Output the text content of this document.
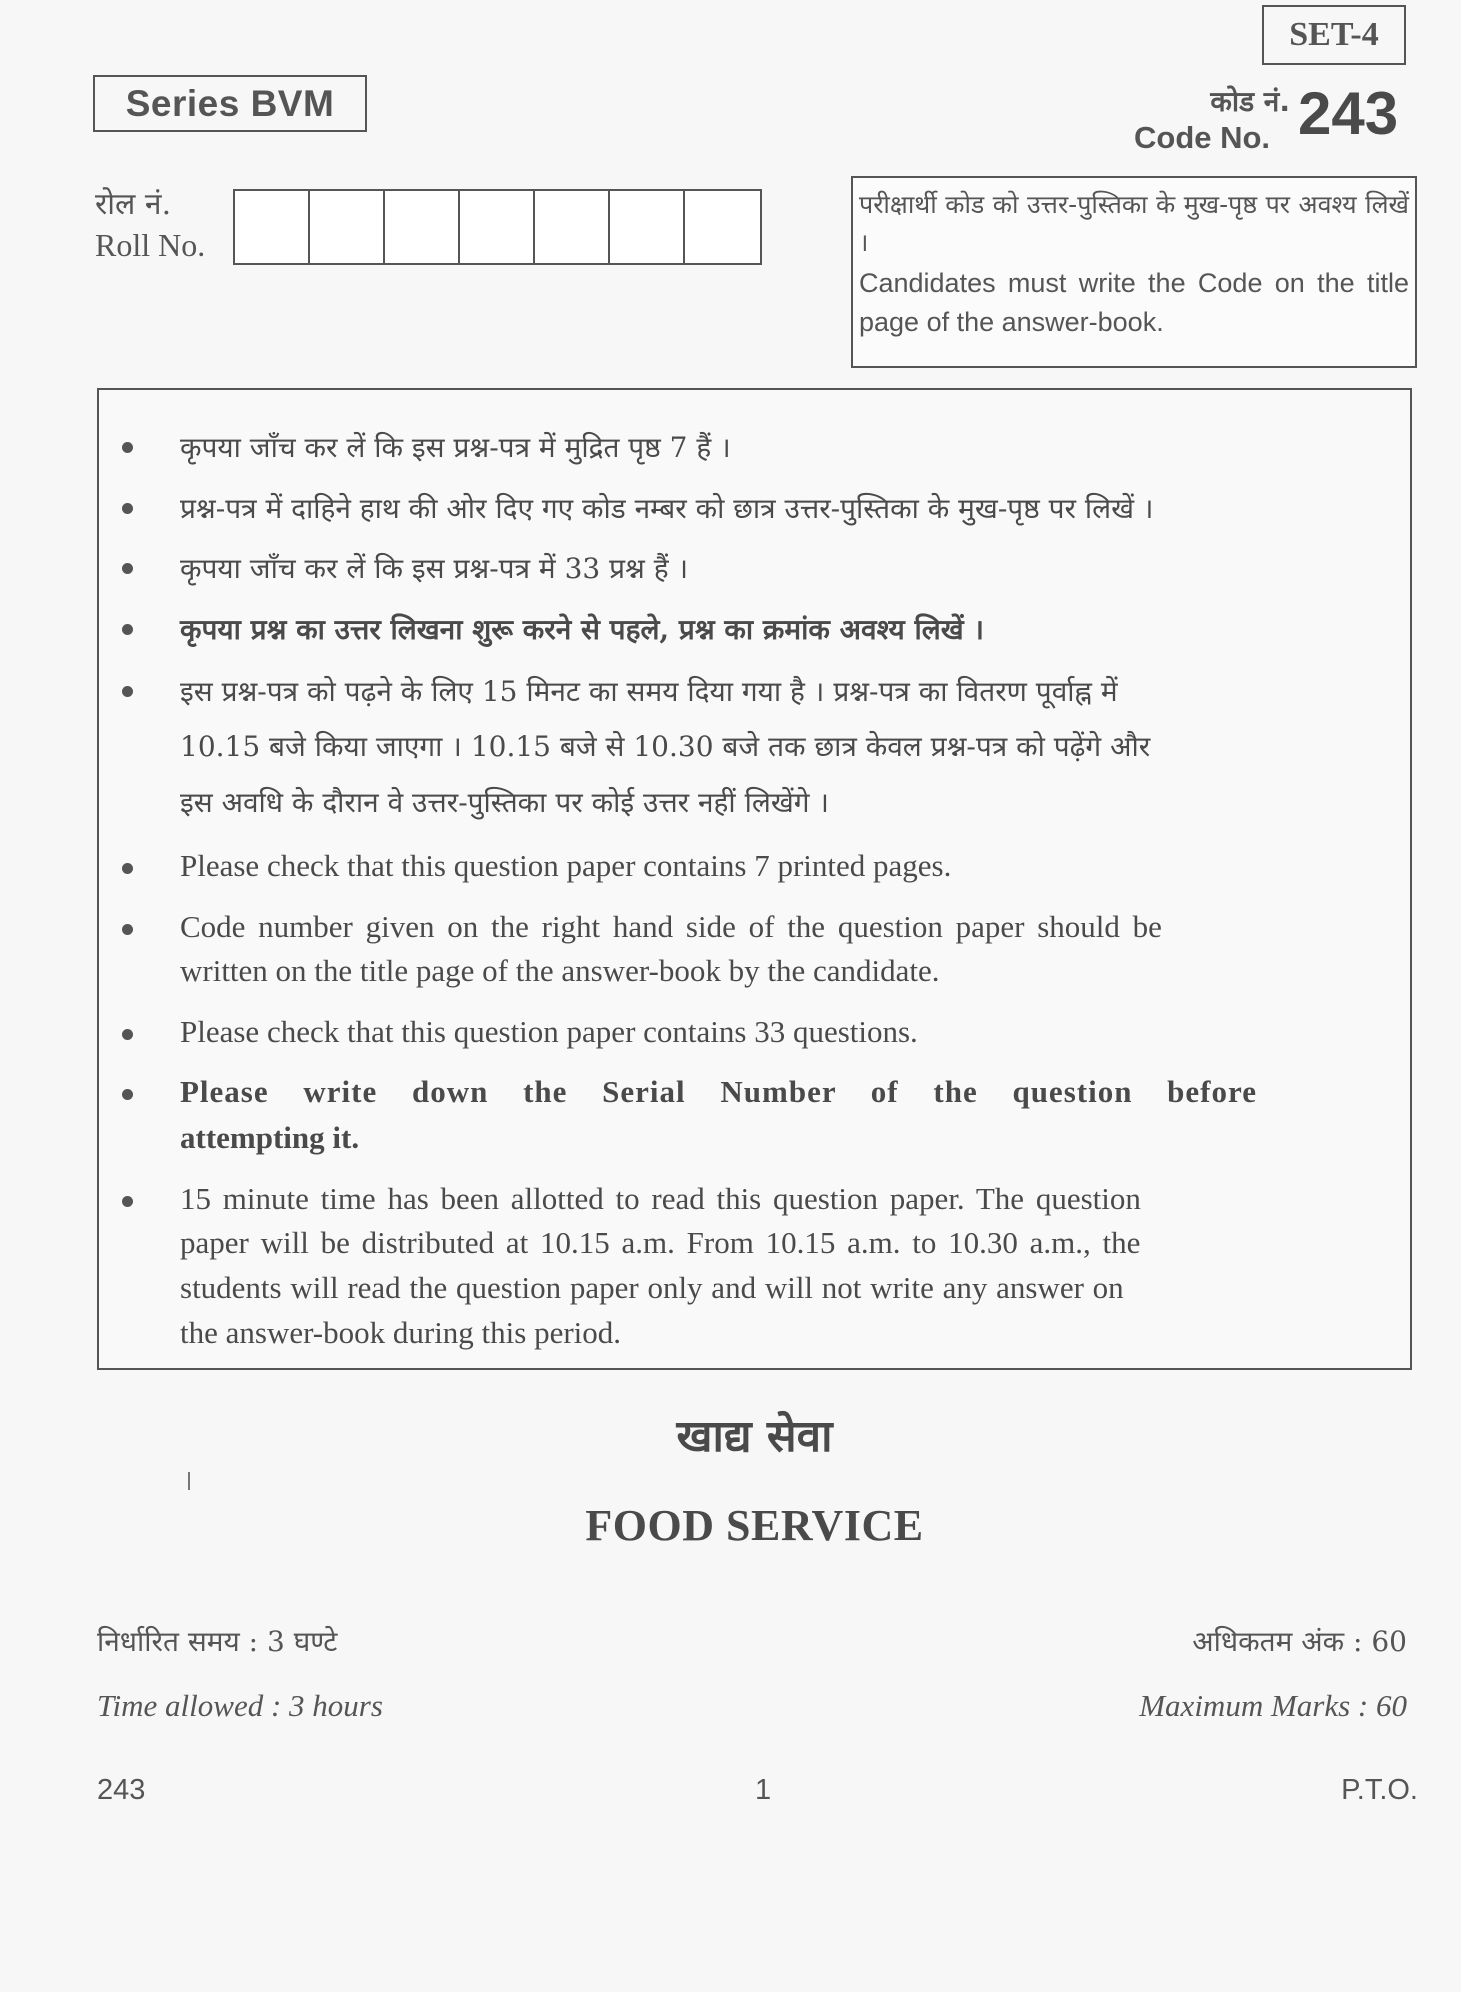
Series BVM
SET-4
कोड नं.
Code No. 243
रोल नं.
Roll No.
परीक्षार्थी कोड को उत्तर-पुस्तिका के मुख-पृष्ठ पर अवश्य लिखें ।
Candidates must write the Code on the title page of the answer-book.
कृपया जाँच कर लें कि इस प्रश्न-पत्र में मुद्रित पृष्ठ 7 हैं ।
प्रश्न-पत्र में दाहिने हाथ की ओर दिए गए कोड नम्बर को छात्र उत्तर-पुस्तिका के मुख-पृष्ठ पर लिखें ।
कृपया जाँच कर लें कि इस प्रश्न-पत्र में 33 प्रश्न हैं ।
कृपया प्रश्न का उत्तर लिखना शुरू करने से पहले, प्रश्न का क्रमांक अवश्य लिखें ।
इस प्रश्न-पत्र को पढ़ने के लिए 15 मिनट का समय दिया गया है । प्रश्न-पत्र का वितरण पूर्वाह्न में
10.15 बजे किया जाएगा । 10.15 बजे से 10.30 बजे तक छात्र केवल प्रश्न-पत्र को पढ़ेंगे और
इस अवधि के दौरान वे उत्तर-पुस्तिका पर कोई उत्तर नहीं लिखेंगे ।
Please check that this question paper contains 7 printed pages.
Code number given on the right hand side of the question paper should be
written on the title page of the answer-book by the candidate.
Please check that this question paper contains 33 questions.
Please write down the Serial Number of the question before
attempting it.
15 minute time has been allotted to read this question paper. The question
paper will be distributed at 10.15 a.m. From 10.15 a.m. to 10.30 a.m., the
students will read the question paper only and will not write any answer on
the answer-book during this period.
खाद्य सेवा
FOOD SERVICE
निर्धारित समय : 3 घण्टे
Time allowed : 3 hours
अधिकतम अंक : 60
Maximum Marks : 60
243	1	P.T.O.
